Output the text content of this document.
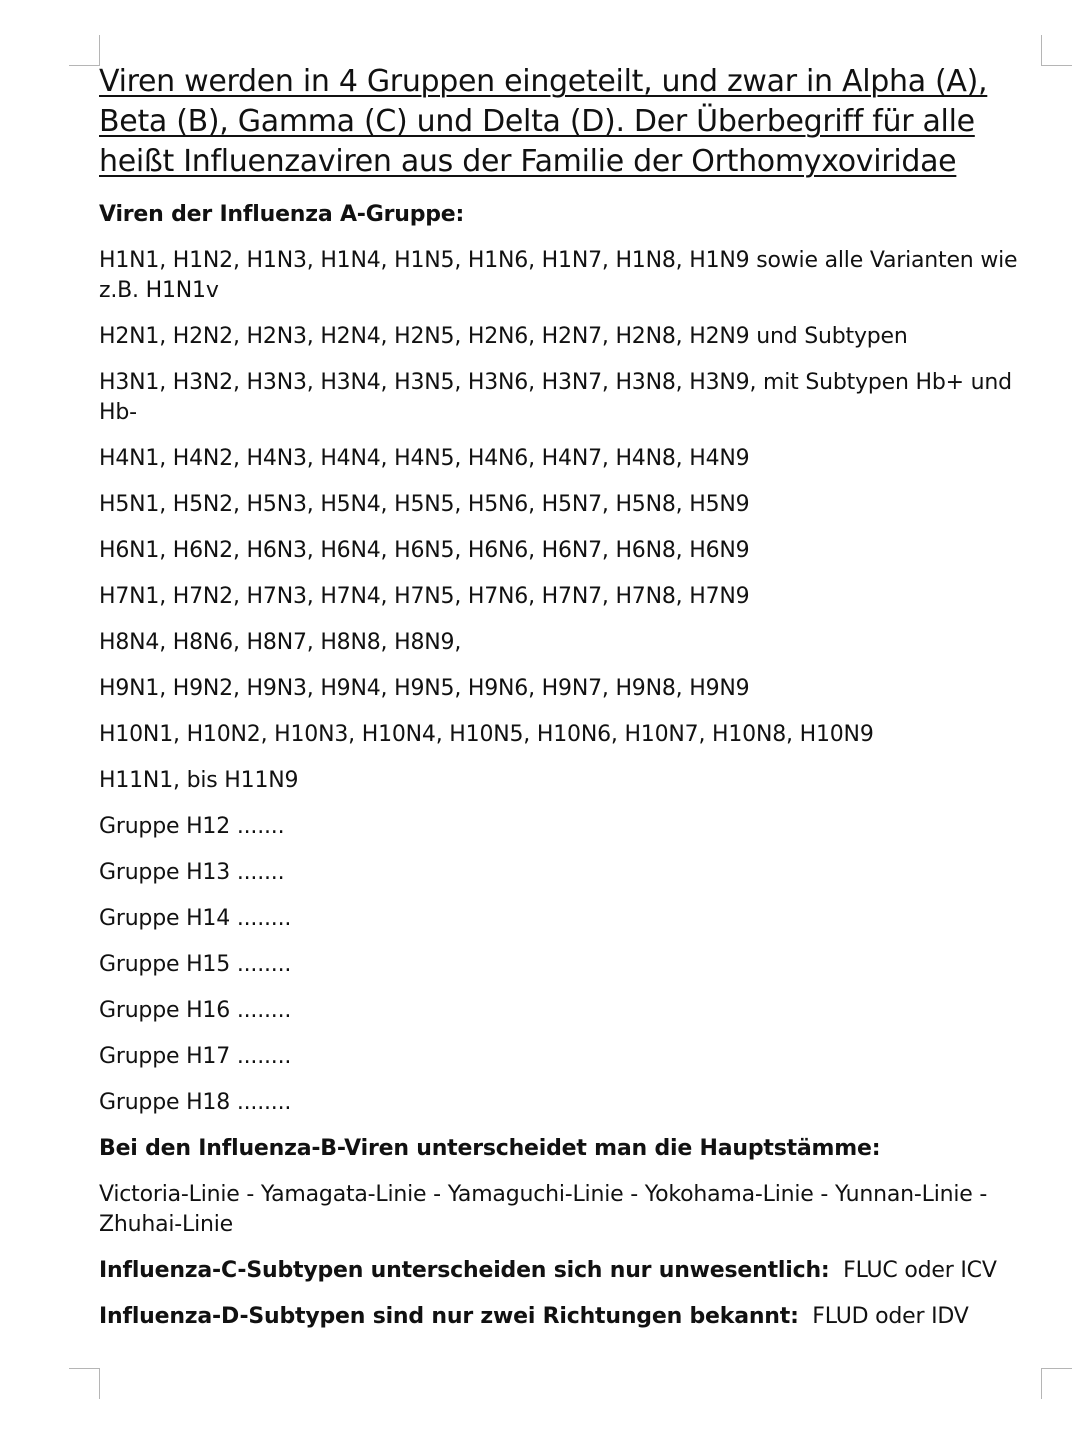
Viren werden in 4 Gruppen eingeteilt, und zwar in Alpha (A), Beta (B), Gamma (C) und Delta (D). Der Überbegriff für alle heißt Influenzaviren aus der Familie der Orthomyxoviridae

Viren der Influenza A-Gruppe:

H1N1, H1N2, H1N3, H1N4, H1N5, H1N6, H1N7, H1N8, H1N9 sowie alle Varianten wie z.B. H1N1v

H2N1, H2N2, H2N3, H2N4, H2N5, H2N6, H2N7, H2N8, H2N9 und Subtypen

H3N1, H3N2, H3N3, H3N4, H3N5, H3N6, H3N7, H3N8, H3N9, mit Subtypen Hb+ und Hb-

H4N1, H4N2, H4N3, H4N4, H4N5, H4N6, H4N7, H4N8, H4N9

H5N1, H5N2, H5N3, H5N4, H5N5, H5N6, H5N7, H5N8, H5N9

H6N1, H6N2, H6N3, H6N4, H6N5, H6N6, H6N7, H6N8, H6N9

H7N1, H7N2, H7N3, H7N4, H7N5, H7N6, H7N7, H7N8, H7N9

H8N4, H8N6, H8N7, H8N8, H8N9,

H9N1, H9N2, H9N3, H9N4, H9N5, H9N6, H9N7, H9N8, H9N9

H10N1, H10N2, H10N3, H10N4, H10N5, H10N6, H10N7, H10N8, H10N9

H11N1, bis H11N9

Gruppe H12 .......

Gruppe H13 .......

Gruppe H14 ........

Gruppe H15 ........

Gruppe H16 ........

Gruppe H17 ........

Gruppe H18 ........

Bei den Influenza-B-Viren unterscheidet man die Hauptstämme:

Victoria-Linie - Yamagata-Linie - Yamaguchi-Linie - Yokohama-Linie - Yunnan-Linie - Zhuhai-Linie

Influenza-C-Subtypen unterscheiden sich nur unwesentlich: FLUC oder ICV

Influenza-D-Subtypen sind nur zwei Richtungen bekannt: FLUD oder IDV
